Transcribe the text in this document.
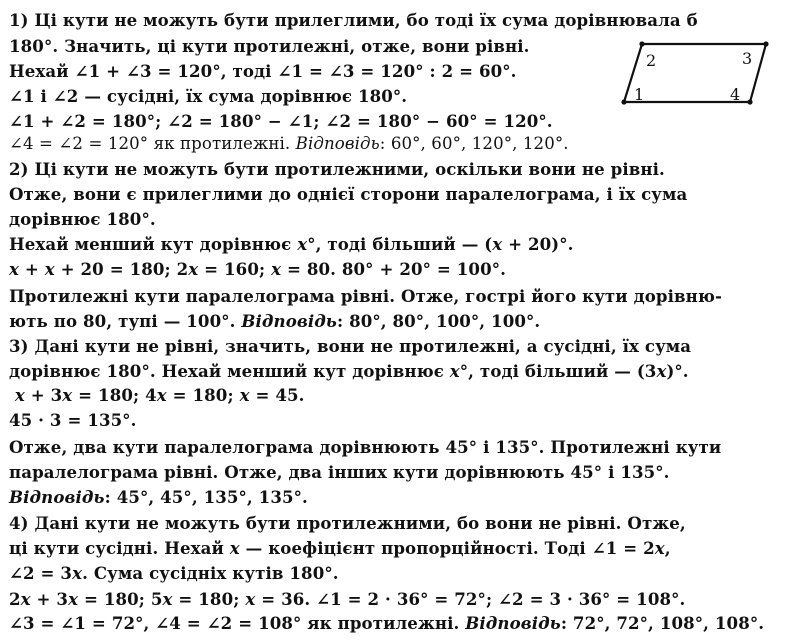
1
2	3
4
1) Ці кути не можуть бути прилеглими, бо тоді їх сума дорівнювала б
180°. Значить, ці кути протилежні, отже, вони рівні.
Нехай ∠1 + ∠3 = 120°, тоді ∠1 = ∠3 = 120° : 2 = 60°.
∠1 і ∠2 — сусідні, їх сума дорівнює 180°.
∠1 + ∠2 = 180°; ∠2 = 180° − ∠1; ∠2 = 180° − 60° = 120°.
∠4 = ∠2 = 120° як протилежні. Відповідь: 60°, 60°, 120°, 120°.
2) Ці кути не можуть бути протилежними, оскільки вони не рівні.
Отже, вони є прилеглими до однієї сторони паралелограма, і їх сума
дорівнює 180°.
Нехай менший кут дорівнює x°, тоді більший — (x + 20)°.
x + x + 20 = 180; 2x = 160; x = 80. 80° + 20° = 100°.
Протилежні кути паралелограма рівні. Отже, гострі його кути дорівню-
ють по 80, тупі — 100°. Відповідь: 80°, 80°, 100°, 100°.
3) Дані кути не рівні, значить, вони не протилежні, а сусідні, їх сума
дорівнює 180°. Нехай менший кут дорівнює x°, тоді більший — (3x)°.
x + 3x = 180; 4x = 180; x = 45.
45 · 3 = 135°.
Отже, два кути паралелограма дорівнюють 45° і 135°. Протилежні кути
паралелограма рівні. Отже, два інших кути дорівнюють 45° і 135°.
Відповідь: 45°, 45°, 135°, 135°.
4) Дані кути не можуть бути протилежними, бо вони не рівні. Отже,
ці кути сусідні. Нехай x — коефіцієнт пропорційності. Тоді ∠1 = 2x,
∠2 = 3x. Сума сусідніх кутів 180°.
2x + 3x = 180; 5x = 180; x = 36. ∠1 = 2 · 36° = 72°; ∠2 = 3 · 36° = 108°.
∠3 = ∠1 = 72°, ∠4 = ∠2 = 108° як протилежні. Відповідь: 72°, 72°, 108°, 108°.
